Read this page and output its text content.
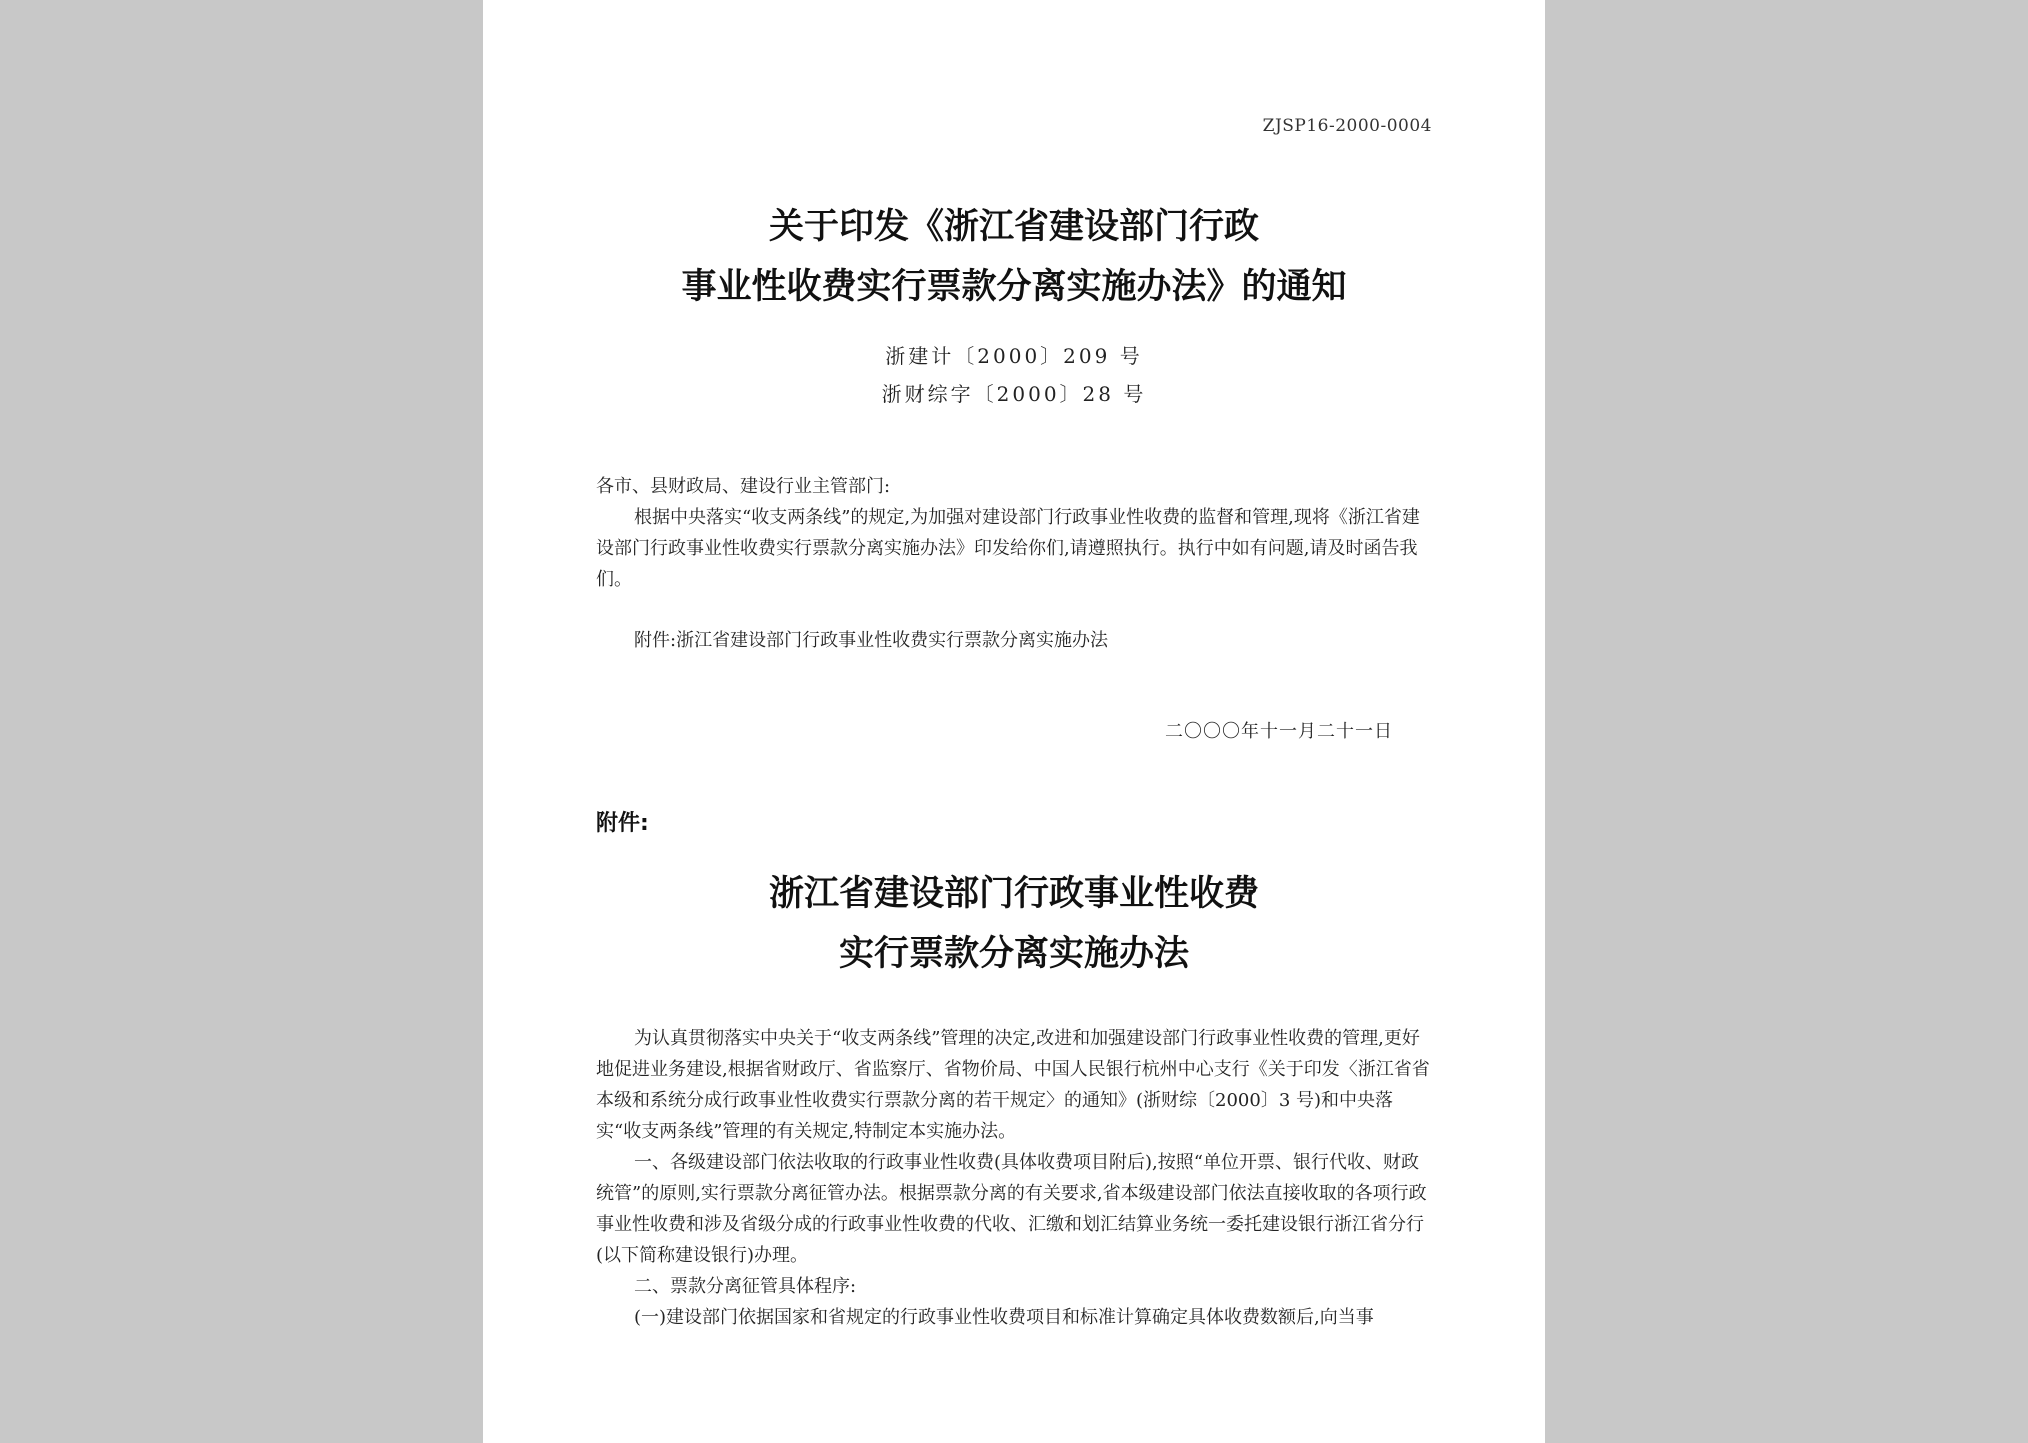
ZJSP16-2000-0004
关于印发《浙江省建设部门行政
事业性收费实行票款分离实施办法》的通知
浙建计〔2000〕209 号
浙财综字〔2000〕28 号
各市、县财政局、建设行业主管部门:

根据中央落实“收支两条线”的规定,为加强对建设部门行政事业性收费的监督和管理,现将《浙江省建设部门行政事业性收费实行票款分离实施办法》印发给你们,请遵照执行。执行中如有问题,请及时函告我们。

附件:浙江省建设部门行政事业性收费实行票款分离实施办法

二〇〇〇年十一月二十一日
附件:
浙江省建设部门行政事业性收费
实行票款分离实施办法

为认真贯彻落实中央关于“收支两条线”管理的决定,改进和加强建设部门行政事业性收费的管理,更好地促进业务建设,根据省财政厅、省监察厅、省物价局、中国人民银行杭州中心支行《关于印发〈浙江省省本级和系统分成行政事业性收费实行票款分离的若干规定〉的通知》(浙财综〔2000〕3 号)和中央落实“收支两条线”管理的有关规定,特制定本实施办法。

一、各级建设部门依法收取的行政事业性收费(具体收费项目附后),按照“单位开票、银行代收、财政统管”的原则,实行票款分离征管办法。根据票款分离的有关要求,省本级建设部门依法直接收取的各项行政事业性收费和涉及省级分成的行政事业性收费的代收、汇缴和划汇结算业务统一委托建设银行浙江省分行(以下简称建设银行)办理。

二、票款分离征管具体程序:

(一)建设部门依据国家和省规定的行政事业性收费项目和标准计算确定具体收费数额后,向当事
